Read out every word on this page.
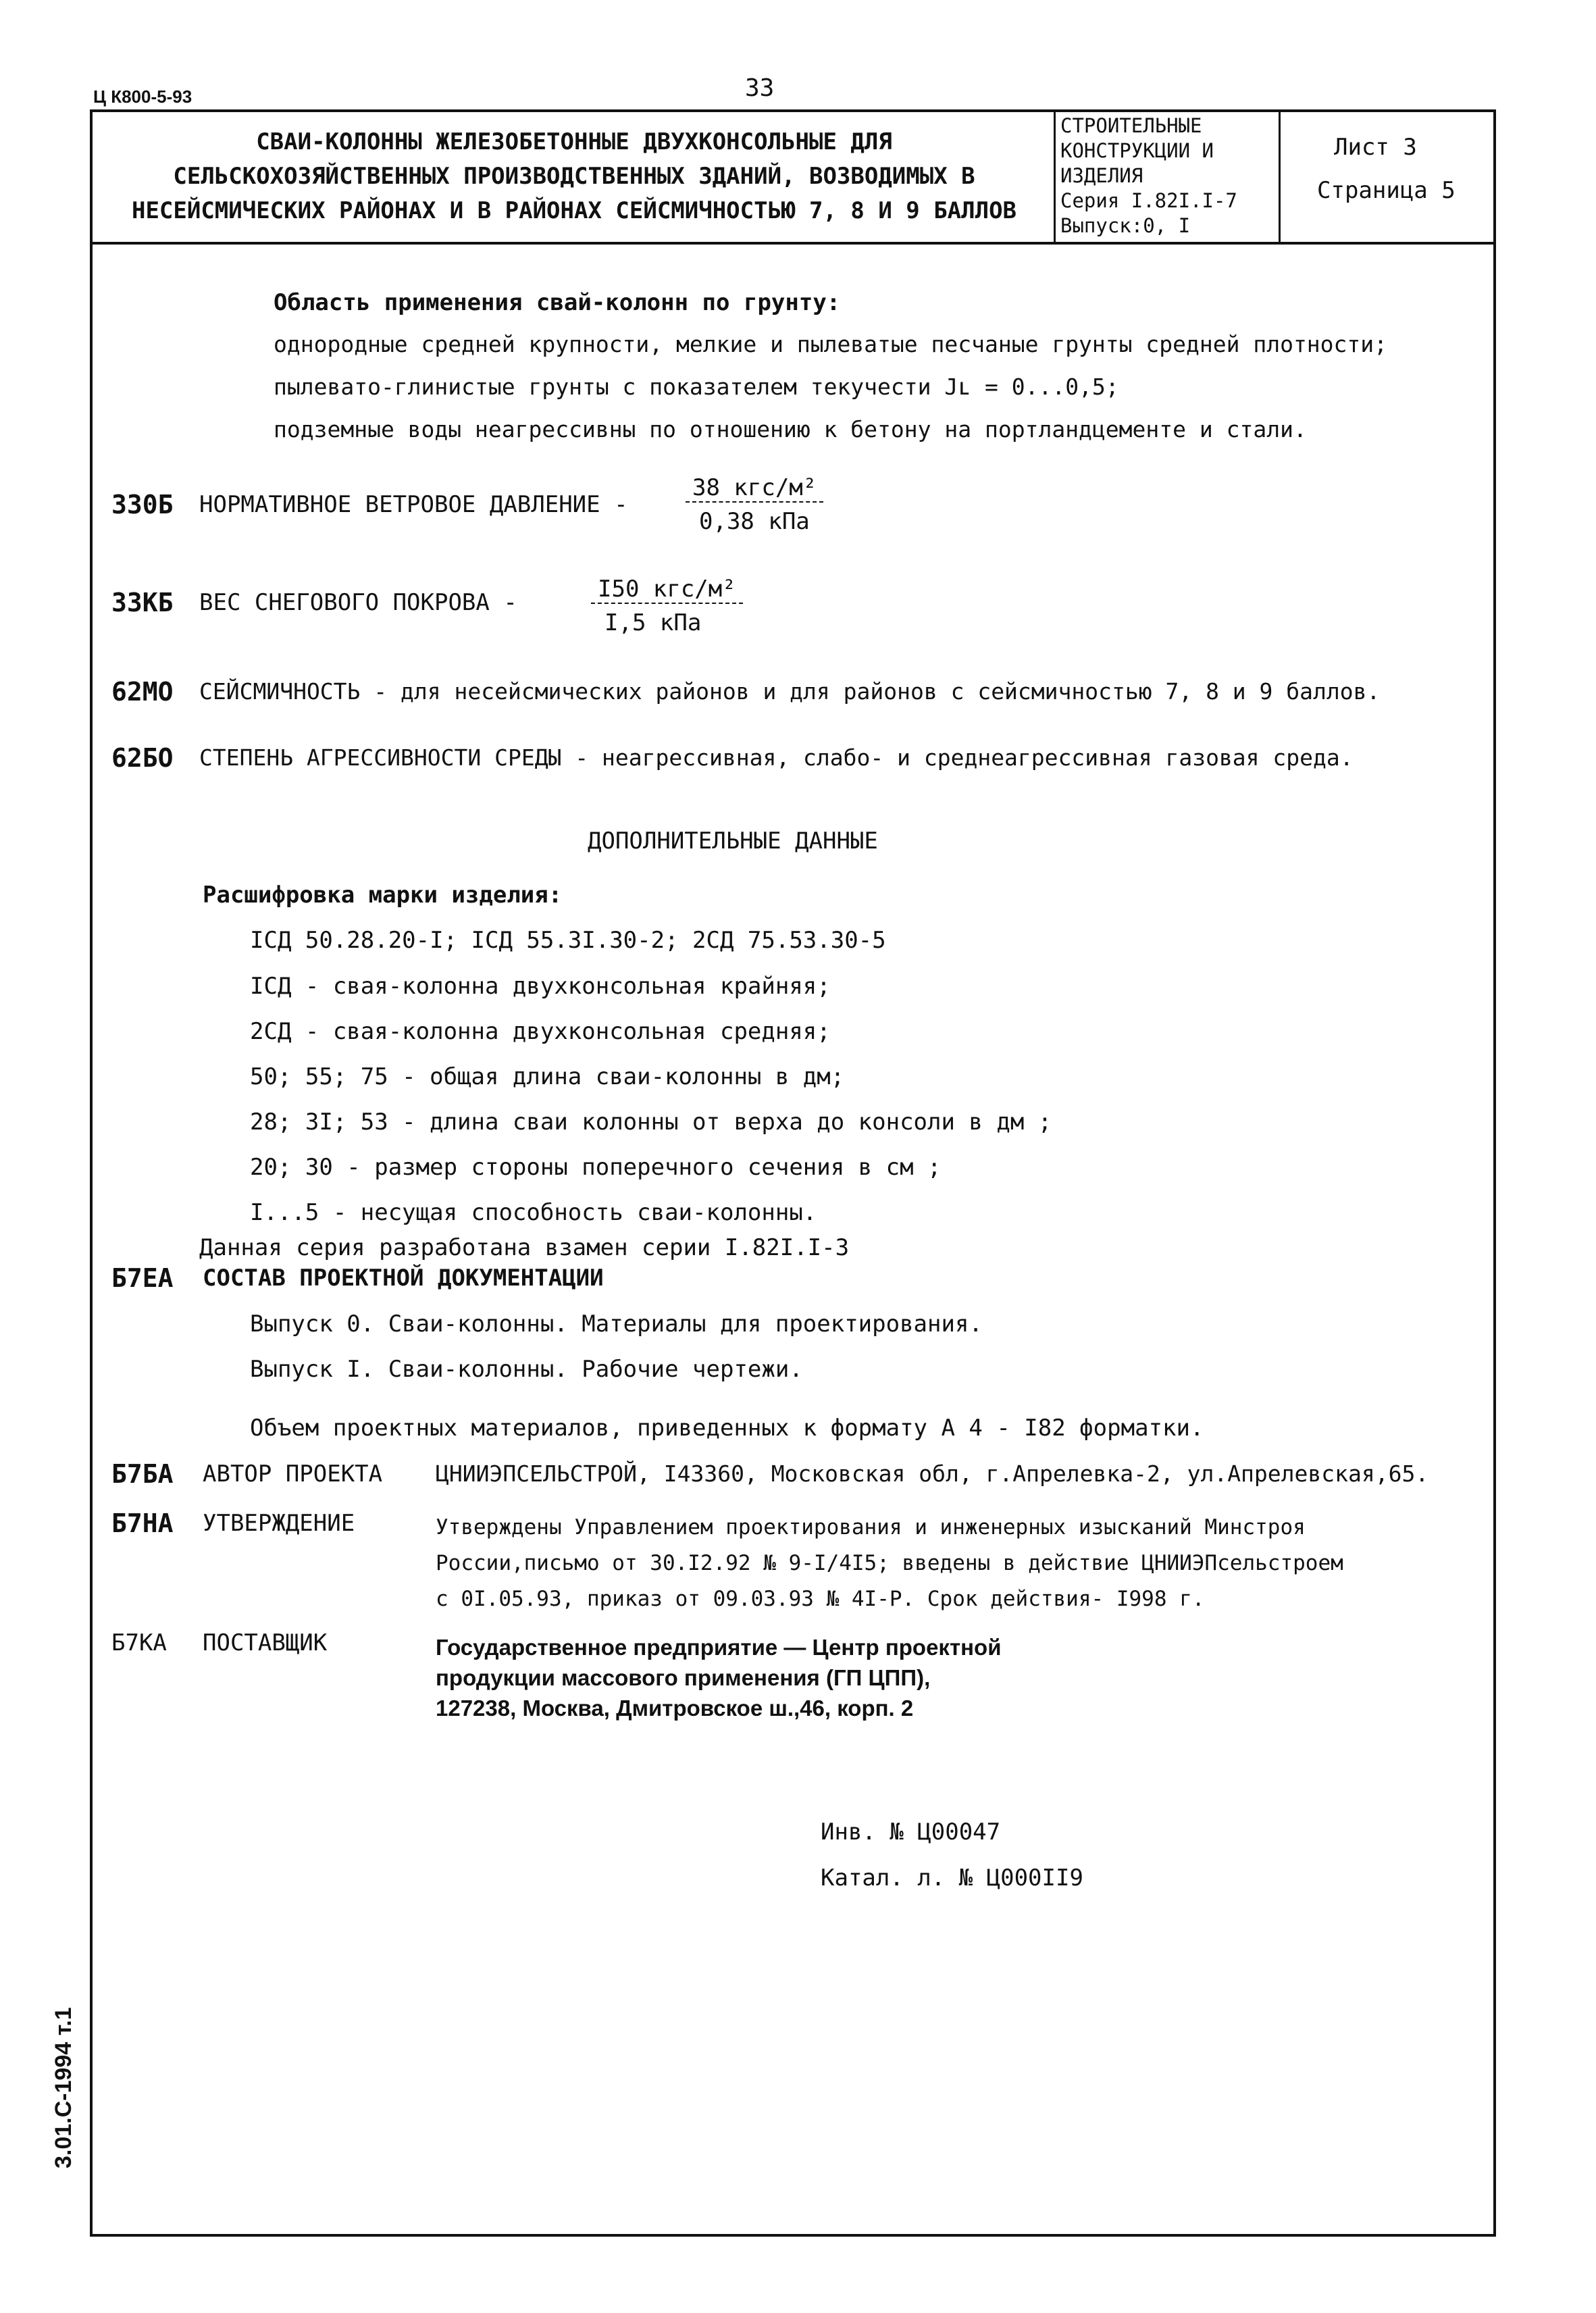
Ц К800-5-93	33
СВАИ-КОЛОННЫ ЖЕЛЕЗОБЕТОННЫЕ ДВУХКОНСОЛЬНЫЕ ДЛЯ
СЕЛЬСКОХОЗЯЙСТВЕННЫХ ПРОИЗВОДСТВЕННЫХ ЗДАНИЙ, ВОЗВОДИМЫХ В
НЕСЕЙСМИЧЕСКИХ РАЙОНАХ И В РАЙОНАХ СЕЙСМИЧНОСТЬЮ 7, 8 И 9 БАЛЛОВ
СТРОИТЕЛЬНЫЕ
КОНСТРУКЦИИ И
ИЗДЕЛИЯ
Серия I.82I.I-7
Выпуск:0, I
Лист 3
Страница 5
Область применения свай-колонн по грунту:
однородные средней крупности, мелкие и пылеватые песчаные грунты средней плотности;
пылевато-глинистые грунты с показателем текучести Jʟ = 0...0,5;
подземные воды неагрессивны по отношению к бетону на портландцементе и стали.
330Б НОРМАТИВНОЕ ВЕТРОВОЕ ДАВЛЕНИЕ -
38 кгс/м²
0,38 кПа
33КБ ВЕС СНЕГОВОГО ПОКРОВА -	I50 кгс/м²
I,5 кПа
62МО СЕЙСМИЧНОСТЬ - для несейсмических районов и для районов с сейсмичностью 7, 8 и 9 баллов.
62БО СТЕПЕНЬ АГРЕССИВНОСТИ СРЕДЫ - неагрессивная, слабо- и среднеагрессивная газовая среда.
ДОПОЛНИТЕЛЬНЫЕ ДАННЫЕ
Расшифровка марки изделия:
IСД 50.28.20-I; IСД 55.3I.30-2; 2СД 75.53.30-5
IСД - свая-колонна двухконсольная крайняя;
2СД - свая-колонна двухконсольная средняя;
50; 55; 75 - общая длина сваи-колонны в дм;
28; 3I; 53 - длина сваи колонны от верха до консоли в дм ;
20; 30 - размер стороны поперечного сечения в см ;
I...5 - несущая способность сваи-колонны.
Данная серия разработана взамен серии I.82I.I-3
Б7ЕА СОСТАВ ПРОЕКТНОЙ ДОКУМЕНТАЦИИ
Выпуск 0. Сваи-колонны. Материалы для проектирования.
Выпуск I. Сваи-колонны. Рабочие чертежи.
Объем проектных материалов, приведенных к формату А 4 - I82 форматки.
Б7БА АВТОР ПРОЕКТА ЦНИИЭПСЕЛЬСТРОЙ, I43360, Московская обл, г.Апрелевка-2, ул.Апрелевская,65.
Б7НА УТВЕРЖДЕНИЕ	Утверждены Управлением проектирования и инженерных изысканий Минстроя
России,письмо от 30.I2.92 № 9-I/4I5; введены в действие ЦНИИЭПсельстроем
с 0I.05.93, приказ от 09.03.93 № 4I-Р. Срок действия- I998 г.
Б7КА ПОСТАВЩИК	Государственное предприятие — Центр проектной
продукции массового применения (ГП ЦПП),
127238, Москва, Дмитровское ш.,46, корп. 2
Инв. № Ц00047
Катал. л. № Ц000II9
3.01.С-1994 т.1
